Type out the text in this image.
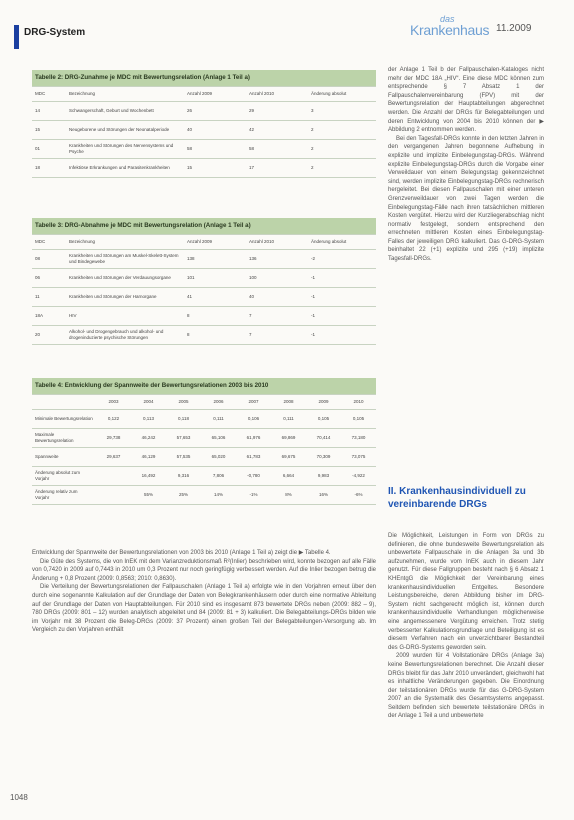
DRG-System
das
Krankenhaus 11.2009
Tabelle 2: DRG-Zunahme je MDC mit Bewertungsrelation (Anlage 1 Teil a)				
MDC	Bezeichnung	Anzahl 2009	Anzahl 2010	Änderung absolut
14	Schwangerschaft, Geburt und Wochenbett	26	29	3
15	Neugeborene und Störungen der Neonatalperiode	40	42	2
01	Krankheiten und Störungen des Nervensystems und Psyche	58	58	2
18	Infektiöse Erkrankungen und Parasitenkrankheiten	15	17	2
Tabelle 3: DRG-Abnahme je MDC mit Bewertungsrelation (Anlage 1 Teil a)				
MDC	Bezeichnung	Anzahl 2009	Anzahl 2010	Änderung absolut
08	Krankheiten und Störungen am Muskel-Skelett-System und Bindegewebe	138	136	-2
06	Krankheiten und Störungen der Verdauungsorgane	101	100	-1
11	Krankheiten und Störungen der Harnorgane	41	40	-1
18A	HIV	8	7	-1
20	Alkohol- und Drogengebrauch und alkohol- und drogeninduzierte psychische Störungen	8	7	-1
Tabelle 4: Entwicklung der Spannweite der Bewertungsrelationen 2003 bis 2010								
	2003	2004	2005	2006	2007	2008	2009	2010
Minimale Bewertungsrelation	0,122	0,113	0,118	0,111	0,106	0,111	0,105	0,105
Maximale Bewertungsrelation	29,738	46,242	57,653	65,106	61,976	69,869	70,414	73,180
Spannweite	29,637	46,129	57,535	65,020	61,783	69,675	70,309	73,075
Änderung absolut zum Vorjahr		16,492	9,316	7,806	-0,780	6,664	9,983	-4,922
Änderung relativ zum Vorjahr		55%	25%	14%	-1%	8%	16%	-6%

der Anlage 1 Teil b der Fallpauschalen-Kataloges nicht mehr der MDC 18A „HIV“. Eine diese MDC können zum entsprechende § 7 Absatz 1 der Fallpauschalenvereinbarung (FPV) mit der Bewertungsrelation der Hauptabteilungen abgerechnet werden. Die Anzahl der DRGs für Belegabteilungen und deren Entwicklung von 2004 bis 2010 können der ▶ Abbildung 2 entnommen werden.

Bei den Tagesfall-DRGs konnte in den letzten Jahren in den vergangenen Jahren begonnene Aufhebung in explizite und implizite Einbelegungstag-DRGs. Während explizite Einbelegungstag-DRGs durch die Vorgabe einer Verweildauer von einem Belegungstag gekennzeichnet sind, werden implizite Einbelegungstag-DRGs rechnerisch hergeleitet. Bei diesen Fallpauschalen mit einer unteren Grenzverweildauer von zwei Tagen werden die Einbelegungstag-Fälle nach ihren tatsächlichen mittleren Kosten vergütet. Hierzu wird der Kurzliegerabschlag nicht normativ festgelegt, sondern entsprechend den errechneten mittleren Kosten eines Einbelegungstag-Falles der jeweiligen DRG kalkuliert. Das G-DRG-System beinhaltet 22 (+1) explizite und 295 (+19) implizite Tagesfall-DRGs.

II. Krankenhausindividuell zu vereinbarende DRGs

Entwicklung der Spannweite der Bewertungsrelationen von 2003 bis 2010 (Anlage 1 Teil a) zeigt die ▶ Tabelle 4.

Die Güte des Systems, die von InEK mit dem Varianzreduktionsmaß R²(Inlier) beschrieben wird, konnte bezogen auf alle Fälle von 0,7420 in 2009 auf 0,7443 in 2010 um 0,3 Prozent nur noch geringfügig verbessert werden. Auf die Inlier bezogen betrug die Änderung + 0,8 Prozent (2009: 0,8563; 2010: 0,8630).

Die Verteilung der Bewertungsrelationen der Fallpauschalen (Anlage 1 Teil a) erfolgte wie in den Vorjahren erneut über den durch eine sogenannte Kalkulation auf der Grundlage der Daten von Belegkrankenhäusern oder durch eine normative Ableitung auf der Grundlage der Daten von Hauptabteilungen. Für 2010 sind es insgesamt 873 bewertete DRGs neben (2009: 882 – 9), 780 DRGs (2009: 801 – 12) wurden analytisch abgeleitet und 84 (2009: 81 + 3) kalkuliert. Die Belegabteilungs-DRGs bilden wie im Vorjahr mit 38 Prozent die Beleg-DRGs (2009: 37 Prozent) einen großen Teil der Belegabteilungen-Versorgung ab. Im Vergleich zu den Vorjahren enthält

Die Möglichkeit, Leistungen in Form von DRGs zu definieren, die ohne bundesweite Bewertungsrelation als unbewertete Fallpauschale in die Anlagen 3a und 3b aufzunehmen, wurde vom InEK auch in diesem Jahr genutzt. Für diese Fallgruppen besteht nach § 6 Absatz 1 KHEntgG die Möglichkeit der Vereinbarung eines krankenhausindividuellen Entgeltes. Besondere Leistungsbereiche, deren Abbildung bisher im DRG-System nicht sachgerecht möglich ist, können durch krankenhausindividuelle Verhandlungen möglicherweise eine angemessenere Vergütung erreichen. Trotz stetig verbesserter Kalkulationsgrundlage und Beteiligung ist es diesem Verfahren nach ein unverzichtbarer Bestandteil des G-DRG-Systems geworden sein.

2009 wurden für 4 Vollstationäre DRGs (Anlage 3a) keine Bewertungsrelationen berechnet. Die Anzahl dieser DRGs bleibt für das Jahr 2010 unverändert, gleichwohl hat es inhaltliche Veränderungen gegeben. Die Einordnung der teilstationären DRGs wurde für das G-DRG-System 2007 an die Systematik des Gesamtsystems angepasst. Seitdem befinden sich bewertete teilstationäre DRGs in der Anlage 1 Teil a und unbewertete

1048
